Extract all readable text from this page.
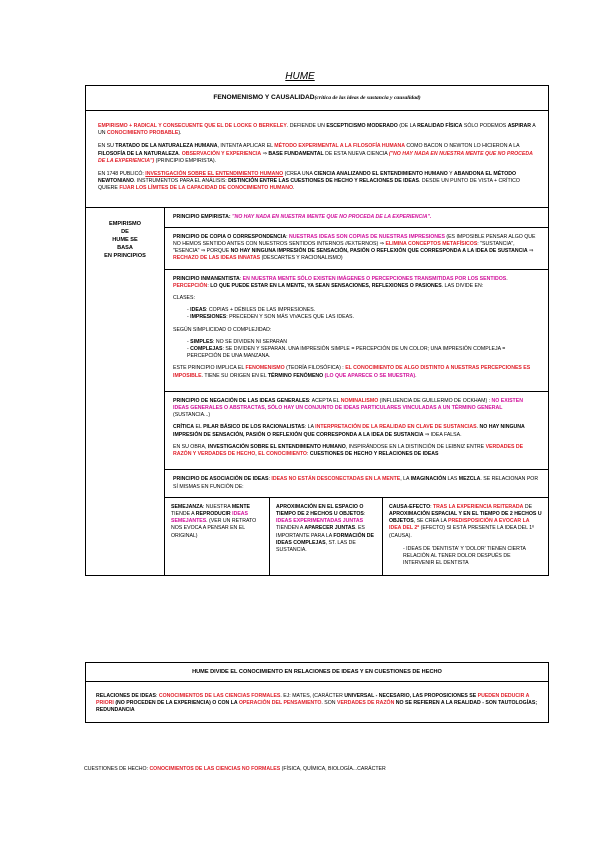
HUME
FENOMENISMO Y CAUSALIDAD(crítica de las ideas de sustancia y causalidad)

EMPIRISMO + RADICAL Y CONSECUENTE QUE EL DE LOCKE O BERKELEY. DEFIENDE UN ESCEPTICISMO MODERADO (DE LA REALIDAD FÍSICA SÓLO PODEMOS ASPIRAR A UN CONOCIMIENTO PROBABLE).

EN SU TRATADO DE LA NATURALEZA HUMANA, INTENTA APLICAR EL MÉTODO EXPERIMENTAL A LA FILOSOFÍA HUMANA COMO BACON O NEWTON LO HICIERON A LA FILOSOFÍA DE LA NATURALEZA. OBSERVACIÓN Y EXPERIENCIA ⇒ BASE FUNDAMENTAL DE ESTA NUEVA CIENCIA ("NO HAY NADA EN NUESTRA MENTE QUE NO PROCEDA DE LA EXPERIENCIA") (PRINCIPIO EMPIRISTA).

EN 1748 PUBLICÓ: INVESTIGACIÓN SOBRE EL ENTENDIMIENTO HUMANO (CREA UNA CIENCIA ANALIZANDO EL ENTENDIMIENTO HUMANO Y ABANDONA EL MÉTODO NEWTONIANO. INSTRUMENTOS PARA EL ANÁLISIS: DISTINCIÓN ENTRE LAS CUESTIONES DE HECHO Y RELACIONES DE IDEAS. DESDE UN PUNTO DE VISTA + CRÍTICO QUIERE FIJAR LOS LÍMITES DE LA CAPACIDAD DE CONOCIMIENTO HUMANO.

EMPIRISMO
DE
HUME SE
BASA
EN PRINCIPIOS
PRINCIPIO EMPIRISTA: "NO HAY NADA EN NUESTRA MENTE QUE NO PROCEDA DE LA EXPERIENCIA".
PRINCIPIO DE COPIA O CORRESPONDENCIA: NUESTRAS IDEAS SON COPIAS DE NUESTRAS IMPRESIONES (ES IMPOSIBLE PENSAR ALGO QUE NO HEMOS SENTIDO ANTES CON NUESTROS SENTIDOS INTERNOS //EXTERNOS) ⇒ ELIMINA CONCEPTOS METAFÍSICOS: "SUSTANCIA", "ESENCIA" ⇒ PORQUE NO HAY NINGUNA IMPRESIÓN DE SENSACIÓN, PASIÓN O REFLEXIÓN QUE CORRESPONDA A LA IDEA DE SUSTANCIA ⇒ RECHAZO DE LAS IDEAS INNATAS (DESCARTES Y RACIONALISMO)

PRINCIPIO INMANENTISTA: EN NUESTRA MENTE SÓLO EXISTEN IMÁGENES O PERCEPCIONES TRANSMITIDAS POR LOS SENTIDOS. PERCEPCIÓN: LO QUE PUEDE ESTAR EN LA MENTE, YA SEAN SENSACIONES, REFLEXIONES O PASIONES. LAS DIVIDE EN:

CLASES:

- IDEAS: COPIAS + DÉBILES DE LAS IMPRESIONES.
- IMPRESIONES: PRECEDEN Y SON MÁS VIVACES QUE LAS IDEAS.

SEGÚN SIMPLICIDAD O COMPLEJIDAD:

- SIMPLES: NO SE DIVIDEN NI SEPARAN
- COMPLEJAS: SE DIVIDEN Y SEPARAN. UNA IMPRESIÓN SIMPLE = PERCEPCIÓN DE UN COLOR; UNA IMPRESIÓN COMPLEJA = PERCEPCIÓN DE UNA MANZANA.

ESTE PRINCIPIO IMPLICA EL FENOMENISMO (TEORÍA FILOSÓFICA) : EL CONOCIMIENTO DE ALGO DISTINTO A NUESTRAS PERCEPCIONES ES IMPOSIBLE. TIENE SU ORIGEN EN EL TÉRMINO FENÓMENO (LO QUE APARECE O SE MUESTRA).

PRINCIPIO DE NEGACIÓN DE LAS IDEAS GENERALES: ACEPTA EL NOMINALISMO (INFLUENCIA DE GUILLERMO DE OCKHAM) : NO EXISTEN IDEAS GENERALES O ABSTRACTAS, SÓLO HAY UN CONJUNTO DE IDEAS PARTICULARES VINCULADAS A UN TÉRMINO GENERAL (SUSTANCIA...)

CRÍTICA EL PILAR BÁSICO DE LOS RACIONALISTAS: LA INTERPRETACIÓN DE LA REALIDAD EN CLAVE DE SUSTANCIAS. NO HAY NINGUNA IMPRESIÓN DE SENSACIÓN, PASIÓN O REFLEXIÓN QUE CORRESPONDA A LA IDEA DE SUSTANCIA ⇒ IDEA FALSA.

EN SU OBRA, INVESTIGACIÓN SOBRE EL ENTENDIMIENTO HUMANO, INSPIRÁNDOSE EN LA DISTINCIÓN DE LEIBNIZ ENTRE VERDADES DE RAZÓN Y VERDADES DE HECHO, EL CONOCIMIENTO: CUESTIONES DE HECHO Y RELACIONES DE IDEAS

PRINCIPIO DE ASOCIACIÓN DE IDEAS: IDEAS NO ESTÁN DESCONECTADAS EN LA MENTE, LA IMAGINACIÓN LAS MEZCLA. SE RELACIONAN POR SÍ MISMAS EN FUNCIÓN DE:
SEMEJANZA: NUESTRA MENTE TIENDE A REPRODUCIR IDEAS SEMEJANTES. (VER UN RETRATO NOS EVOCA A PENSAR EN EL ORIGINAL)
APROXIMACIÓN EN EL ESPACIO O TIEMPO DE 2 HECHOS U OBJETOS: IDEAS EXPERIMENTADAS JUNTAS TIENDEN A APARECER JUNTAS. ES IMPORTANTE PARA LA FORMACIÓN DE IDEAS COMPLEJAS, ST. LAS DE SUSTANCIA.
CAUSA-EFECTO: TRAS LA EXPERIENCIA REITERADA DE APROXIMACIÓN ESPACIAL Y EN EL TIEMPO DE 2 HECHOS U OBJETOS, SE CREA LA PREDISPOSICIÓN A EVOCAR LA IDEA DEL 2º (EFECTO) SI ESTÁ PRESENTE LA IDEA DEL 1º (CAUSA).
- IDEAS DE 'DENTISTA' Y 'DOLOR' TIENEN CIERTA RELACIÓN AL TENER DOLOR DESPUÉS DE INTERVENIR EL DENTISTA
HUME DIVIDE EL CONOCIMIENTO EN RELACIONES DE IDEAS Y EN CUESTIONES DE HECHO
RELACIONES DE IDEAS: CONOCIMIENTOS DE LAS CIENCIAS FORMALES. EJ: MATES, (CARÁCTER UNIVERSAL - NECESARIO, LAS PROPOSICIONES SE PUEDEN DEDUCIR A PRIORI (NO PROCEDEN DE LA EXPERIENCIA) O CON LA OPERACIÓN DEL PENSAMIENTO. SON VERDADES DE RAZÓN NO SE REFIEREN A LA REALIDAD - SON TAUTOLOGÍAS; REDUNDANCIA
CUESTIONES DE HECHO: CONOCIMIENTOS DE LAS CIENCIAS NO FORMALES (FÍSICA, QUÍMICA, BIOLOGÍA...CARÁCTER
